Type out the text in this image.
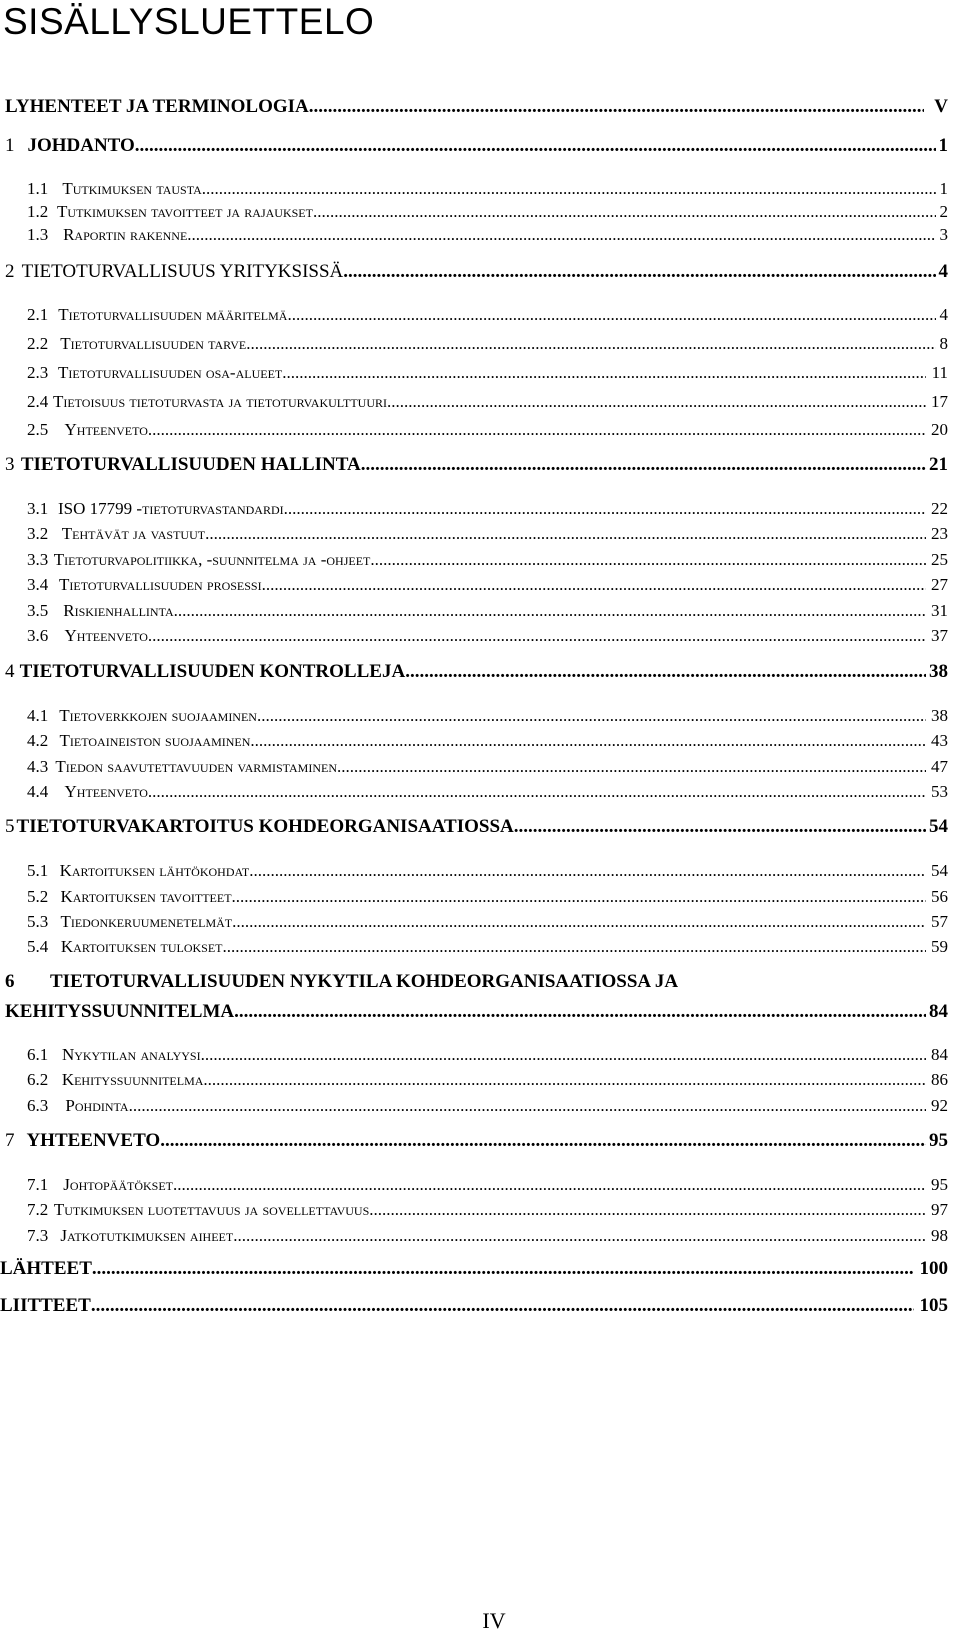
SISÄLLYSLUETTELO
LYHENTEET JA TERMINOLOGIA .....	V
1 JOHDANTO .....	1
1.1 Tutkimuksen tausta .....	1
1.2 Tutkimuksen tavoitteet ja rajaukset .....	2
1.3 Raportin rakenne .....	3
2 TIETOTURVALLISUUS YRITYKSISSÄ .....	4
2.1 Tietoturvallisuuden määritelmä .....	4
2.2 Tietoturvallisuuden tarve .....	8
2.3 Tietoturvallisuuden osa-alueet .....	11
2.4 Tietoisuus tietoturvasta ja tietoturvakulttuuri .....	17
2.5 Yhteenveto .....	20
3 TIETOTURVALLISUUDEN HALLINTA .....	21
3.1 ISO 17799 -tietoturvastandardi .....	22
3.2 Tehtävät ja vastuut .....	23
3.3 Tietoturvapolitiikka, -suunnitelma ja -ohjeet .....	25
3.4 Tietoturvallisuuden prosessi .....	27
3.5 Riskienhallinta .....	31
3.6 Yhteenveto .....	37
4 TIETOTURVALLISUUDEN KONTROLLEJA .....	38
4.1 Tietoverkkojen suojaaminen .....	38
4.2 Tietoaineiston suojaaminen .....	43
4.3 Tiedon saavutettavuuden varmistaminen .....	47
4.4 Yhteenveto .....	53
5 TIETOTURVAKARTOITUS KOHDEORGANISAATIOSSA .....	54
5.1 Kartoituksen lähtökohdat .....	54
5.2 Kartoituksen tavoitteet .....	56
5.3 Tiedonkeruumenetelmät .....	57
5.4 Kartoituksen tulokset .....	59
6 TIETOTURVALLISUUDEN NYKYTILA KOHDEORGANISAATIOSSA JA
KEHITYSSUUNNITELMA .....	84
6.1 Nykytilan analyysi .....	84
6.2 Kehityssuunnitelma .....	86
6.3	Pohdinta .....	92
7 YHTEENVETO .....	95
7.1 Johtopäätökset .....	95
7.2 Tutkimuksen luotettavuus ja sovellettavuus .....	97
7.3 Jatkotutkimuksen aiheet .....	98
LÄHTEET .....	100
LIITTEET .....	105
IV
